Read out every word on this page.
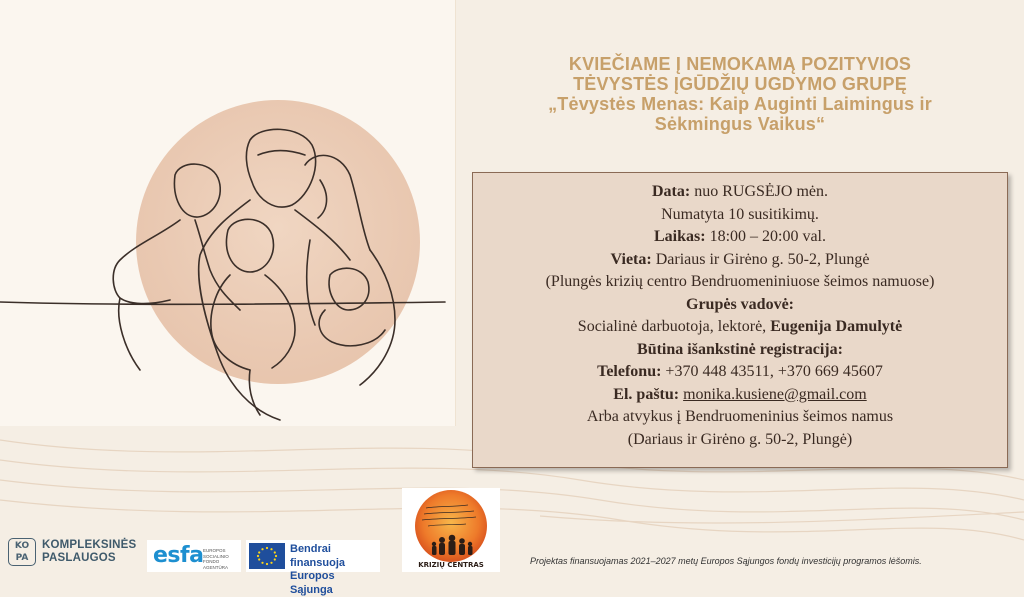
KVIEČIAME Į NEMOKAMĄ POZITYVIOS
TĖVYSTĖS ĮGŪDŽIŲ UGDYMO GRUPĘ
„Tėvystės Menas: Kaip Auginti Laimingus ir
Sėkmingus Vaikus“
Data: nuo RUGSĖJO mėn.
Numatyta 10 susitikimų.
Laikas: 18:00 – 20:00 val.
Vieta: Dariaus ir Girėno g. 50-2, Plungė
(Plungės krizių centro Bendruomeniniuose šeimos namuose)
Grupės vadovė:
Socialinė darbuotoja, lektorė, Eugenija Damulytė
Būtina išankstinė registracija:
Telefonu: +370 448 43511, +370 669 45607
El. paštu: monika.kusiene@gmail.com
Arba atvykus į Bendruomeninius šeimos namus
(Dariaus ir Girėno g. 50-2, Plungė)
KO PA
KOMPLEKSINĖS
PASLAUGOS	esfa EUROPOS SOCIALINIO FONDO AGENTŪRA
Bendrai finansuoja
Europos Sąjunga
KRIZIŲ CENTRAS	Projektas finansuojamas 2021–2027 metų Europos Sąjungos fondų investicijų programos lėšomis.
